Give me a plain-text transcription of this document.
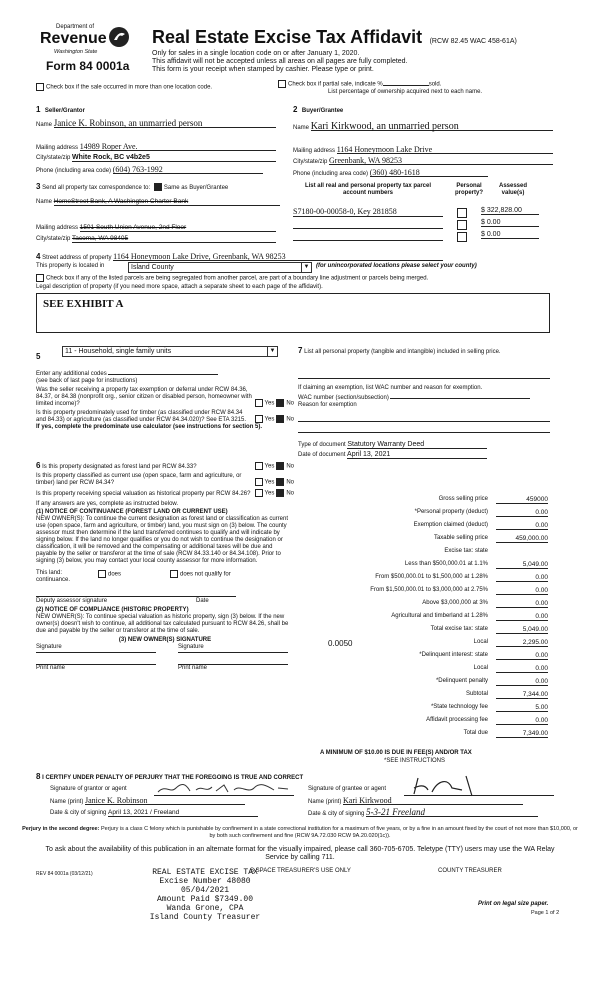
Department of
Revenue
Washington State
Form 84 0001a
Real Estate Excise Tax Affidavit (RCW 82.45 WAC 458-61A)
Only for sales in a single location code on or after January 1, 2020.
This affidavit will not be accepted unless all areas on all pages are fully completed.
This form is your receipt when stamped by cashier. Please type or print.
Check box if the sale occurred in more than one location code.	Check box if partial sale, indicate %	sold.
List percentage of ownership acquired next to each name.
1 Seller/Grantor
Name Janice K. Robinson, an unmarried person
Mailing address 14989 Roper Ave.
City/state/zip White Rock, BC v4b2e5
Phone (including area code) (604) 763-1992
2 Buyer/Grantee
Name Kari Kirkwood, an unmarried person
Mailing address 1164 Honeymoon Lake Drive
City/state/zip Greenbank, WA 98253
Phone (including area code) (360) 480-1618
3 Send all property tax correspondence to: Same as Buyer/Grantee
Name HomeStreet Bank, A Washington Charter Bank
Mailing address 1501 South Union Avenue, 2nd Floor
City/state/zip Tacoma, WA 98405
List all real and personal property tax parcel account numbers
Personal property?
Assessed value(s)
S7180-00-00058-0, Key 281858	$ 322,828.00
$ 0.00
$ 0.00
4 Street address of property 1164 Honeymoon Lake Drive, Greenbank, WA 98253
This property is located in	Island County	▼ (for unincorporated locations please select your county)
Check box if any of the listed parcels are being segregated from another parcel, are part of a boundary line adjustment or parcels being merged.
Legal description of property (if you need more space, attach a separate sheet to each page of the affidavit).
SEE EXHIBIT A
5
11 - Household, single family units	▼
Enter any additional codes
(see back of last page for instructions)
Was the seller receiving a property tax exemption or deferral under RCW 84.36, 84.37, or 84.38 (nonprofit org., senior citizen or disabled person, homeowner with limited income)?	Yes No
Is this property predominately used for timber (as classified under RCW 84.34 and 84.33) or agriculture (as classified under RCW 84.34.020)? See ETA 3215.	Yes No
If yes, complete the predominate use calculator (see instructions for section 5).
6 Is this property designated as forest land per RCW 84.33?	Yes No
Is this property classified as current use (open space, farm and agriculture, or timber) land per RCW 84.34?	Yes No
Is this property receiving special valuation as historical property per RCW 84.26?	Yes No
If any answers are yes, complete as instructed below.
(1) NOTICE OF CONTINUANCE (FOREST LAND OR CURRENT USE)
NEW OWNER(S): To continue the current designation as forest land or classification as current use (open space, farm and agriculture, or timber) land, you must sign on (3) below. The county assessor must then determine if the land transferred continues to qualify and will indicate by signing below. If the land no longer qualifies or you do not wish to continue the designation or classification, it will be removed and the compensating or additional taxes will be due and payable by the seller or transferor at the time of sale (RCW 84.33.140 or 84.34.108). Prior to signing (3) below, you may contact your local county assessor for more information.
This land:	does	does not qualify for
continuance.
Deputy assessor signature	Date
(2) NOTICE OF COMPLIANCE (HISTORIC PROPERTY)
NEW OWNER(S): To continue special valuation as historic property, sign (3) below. If the new owner(s) doesn't wish to continue, all additional tax calculated pursuant to RCW 84.26, shall be due and payable by the seller or transferor at the time of sale.
(3) NEW OWNER(S) SIGNATURE
Signature	Signature
Print name	Print name
7 List all personal property (tangible and intangible) included in selling price.
If claiming an exemption, list WAC number and reason for exemption.
WAC number (section/subsection)
Reason for exemption
Type of document Statutory Warranty Deed
Date of document April 13, 2021
Gross selling price	459000
*Personal property (deduct)	0.00
Exemption claimed (deduct)	0.00
Taxable selling price	459,000.00
Excise tax: state
Less than $500,000.01 at 1.1%	5,049.00
From $500,000.01 to $1,500,000 at 1.28%	0.00
From $1,500,000.01 to $3,000,000 at 2.75%	0.00
Above $3,000,000 at 3%	0.00
Agricultural and timberland at 1.28%	0.00
Total excise tax: state	5,049.00
0.0050	Local	2,295.00
*Delinquent interest: state	0.00
Local	0.00
*Delinquent penalty	0.00
Subtotal	7,344.00
*State technology fee	5.00
Affidavit processing fee	0.00
Total due	7,349.00
A MINIMUM OF $10.00 IS DUE IN FEE(S) AND/OR TAX
*SEE INSTRUCTIONS
8 I CERTIFY UNDER PENALTY OF PERJURY THAT THE FOREGOING IS TRUE AND CORRECT
Signature of grantor or agent
Name (print) Janice K. Robinson
Date & city of signing April 13, 2021 / Freeland
Signature of grantee or agent
Name (print) Kari Kirkwood
Date & city of signing 5-3-21 Freeland
Perjury in the second degree: Perjury is a class C felony which is punishable by confinement in a state correctional institution for a maximum of five years, or by a fine in an amount fixed by the court of not more than $10,000, or by both such confinement and fine (RCW 9A.72.030 RCW 9A.20.020(1c)).
To ask about the availability of this publication in an alternate format for the visually impaired, please call 360-705-6705. Teletype (TTY) users may use the WA Relay Service by calling 711.
REV 84 0001a (03/12/21)	S SPACE TREASURER'S USE ONLY	COUNTY TREASURER
REAL ESTATE EXCISE TAX
Excise Number 48080
05/04/2021
Amount Paid $7349.00
Wanda Grone, CPA
Island County Treasurer
Print on legal size paper.
Page 1 of 2
